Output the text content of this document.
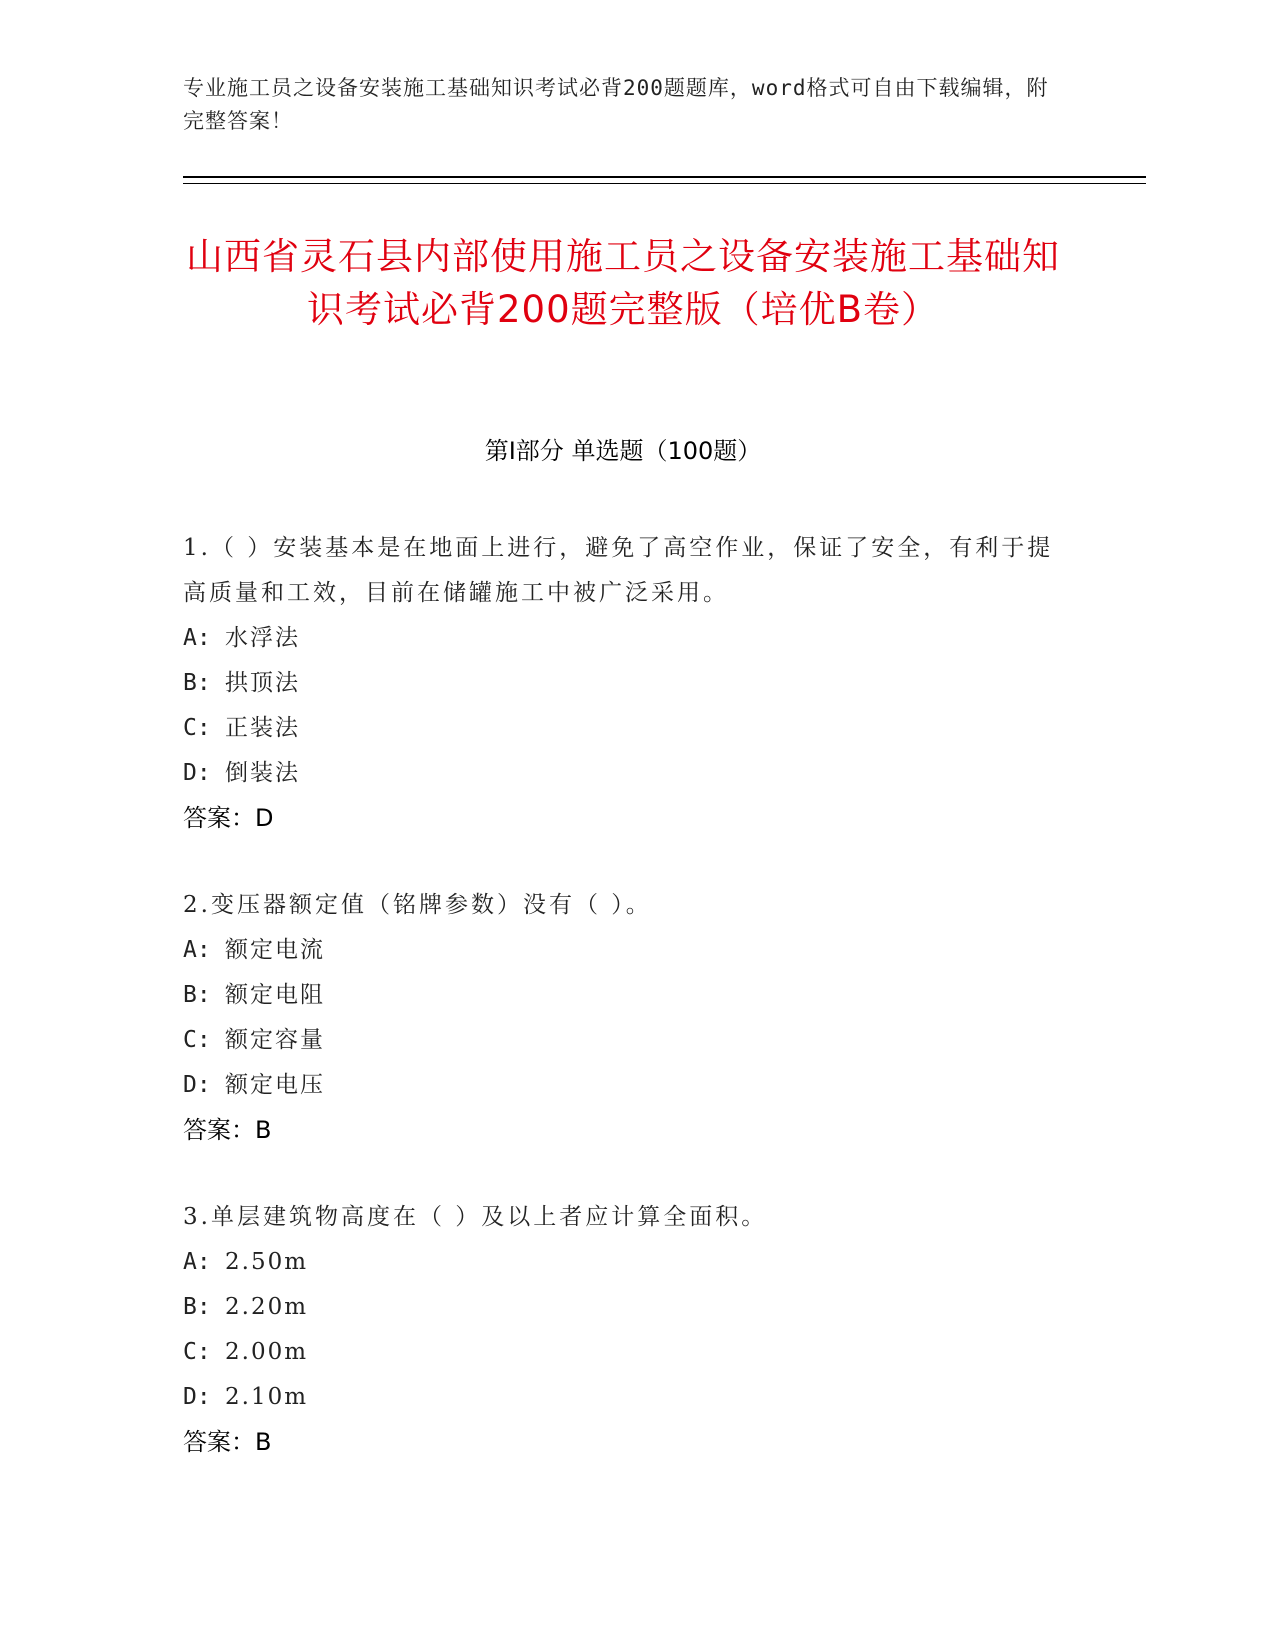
专业施工员之设备安装施工基础知识考试必背200题题库，word格式可自由下载编辑，附完整答案！
山西省灵石县内部使用施工员之设备安装施工基础知识考试必背200题完整版（培优B卷）
第I部分 单选题（100题）

1.（ ）安装基本是在地面上进行，避免了高空作业，保证了安全，有利于提高质量和工效，目前在储罐施工中被广泛采用。

A: 水浮法

B: 拱顶法

C: 正装法

D: 倒装法

答案：D

2.变压器额定值（铭牌参数）没有（ ）。

A: 额定电流

B: 额定电阻

C: 额定容量

D: 额定电压

答案：B

3.单层建筑物高度在（ ）及以上者应计算全面积。

A: 2.50m

B: 2.20m

C: 2.00m

D: 2.10m

答案：B
